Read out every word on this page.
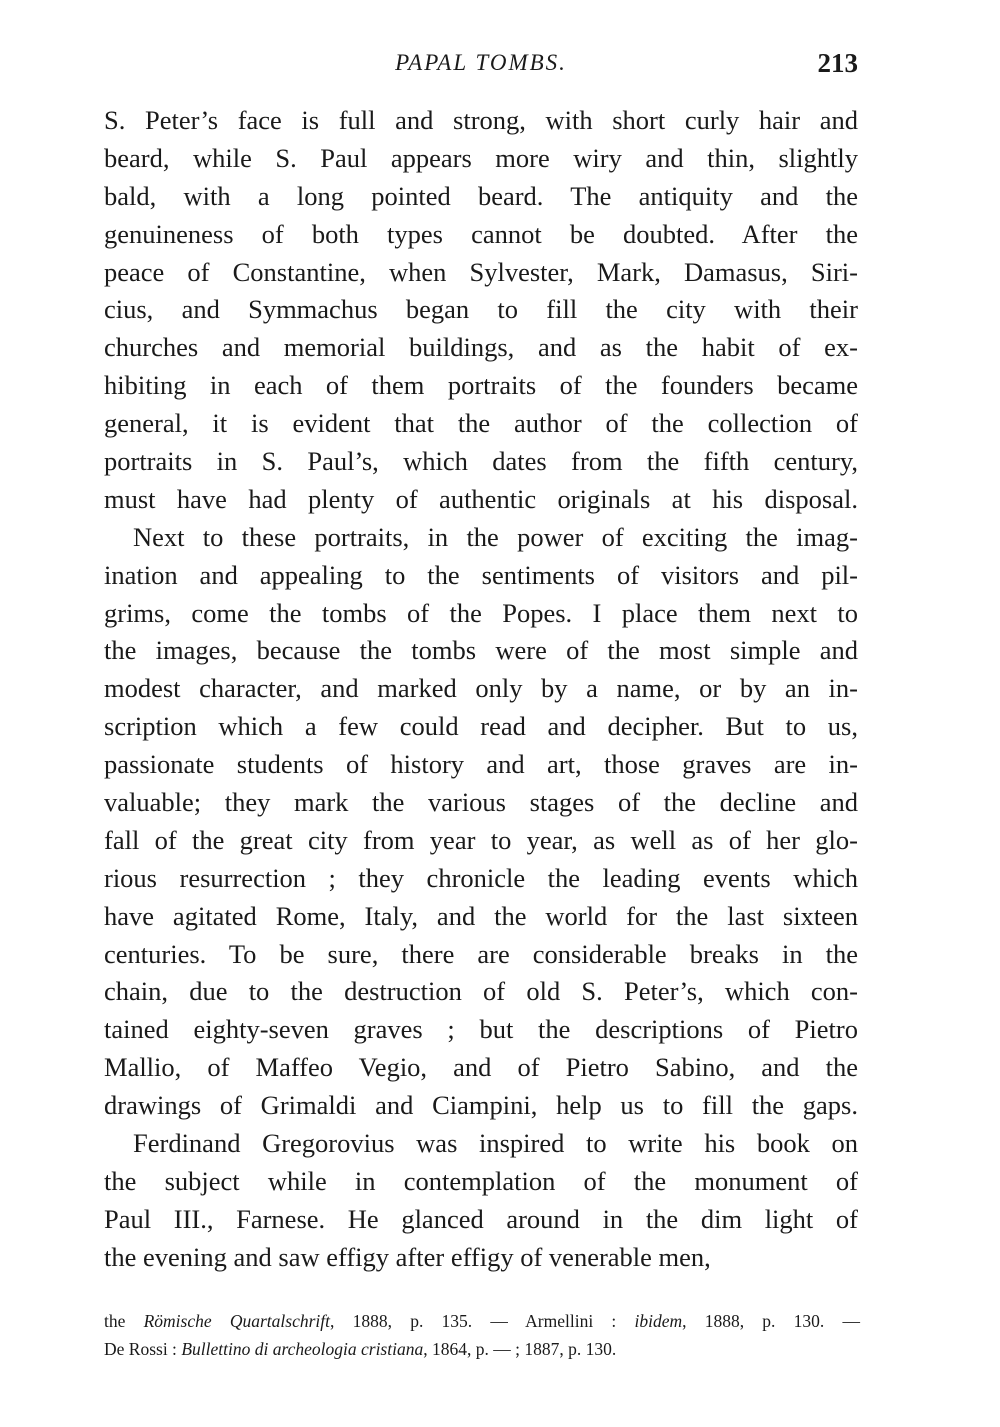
PAPAL TOMBS.	213
S. Peter’s face is full and strong, with short curly hair and
beard, while S. Paul appears more wiry and thin, slightly
bald, with a long pointed beard. The antiquity and the
genuineness of both types cannot be doubted. After the
peace of Constantine, when Sylvester, Mark, Damasus, Siri-
cius, and Symmachus began to fill the city with their
churches and memorial buildings, and as the habit of ex-
hibiting in each of them portraits of the founders became
general, it is evident that the author of the collection of
portraits in S. Paul’s, which dates from the fifth century,
must have had plenty of authentic originals at his disposal.
Next to these portraits, in the power of exciting the imag-
ination and appealing to the sentiments of visitors and pil-
grims, come the tombs of the Popes. I place them next to
the images, because the tombs were of the most simple and
modest character, and marked only by a name, or by an in-
scription which a few could read and decipher. But to us,
passionate students of history and art, those graves are in-
valuable; they mark the various stages of the decline and
fall of the great city from year to year, as well as of her glo-
rious resurrection ; they chronicle the leading events which
have agitated Rome, Italy, and the world for the last sixteen
centuries. To be sure, there are considerable breaks in the
chain, due to the destruction of old S. Peter’s, which con-
tained eighty-seven graves ; but the descriptions of Pietro
Mallio, of Maffeo Vegio, and of Pietro Sabino, and the
drawings of Grimaldi and Ciampini, help us to fill the gaps.
Ferdinand Gregorovius was inspired to write his book on
the subject while in contemplation of the monument of
Paul III., Farnese. He glanced around in the dim light of
the evening and saw effigy after effigy of venerable men,
the Römische Quartalschrift, 1888, p. 135. — Armellini : ibidem, 1888, p. 130. —
De Rossi : Bullettino di archeologia cristiana, 1864, p. — ; 1887, p. 130.
